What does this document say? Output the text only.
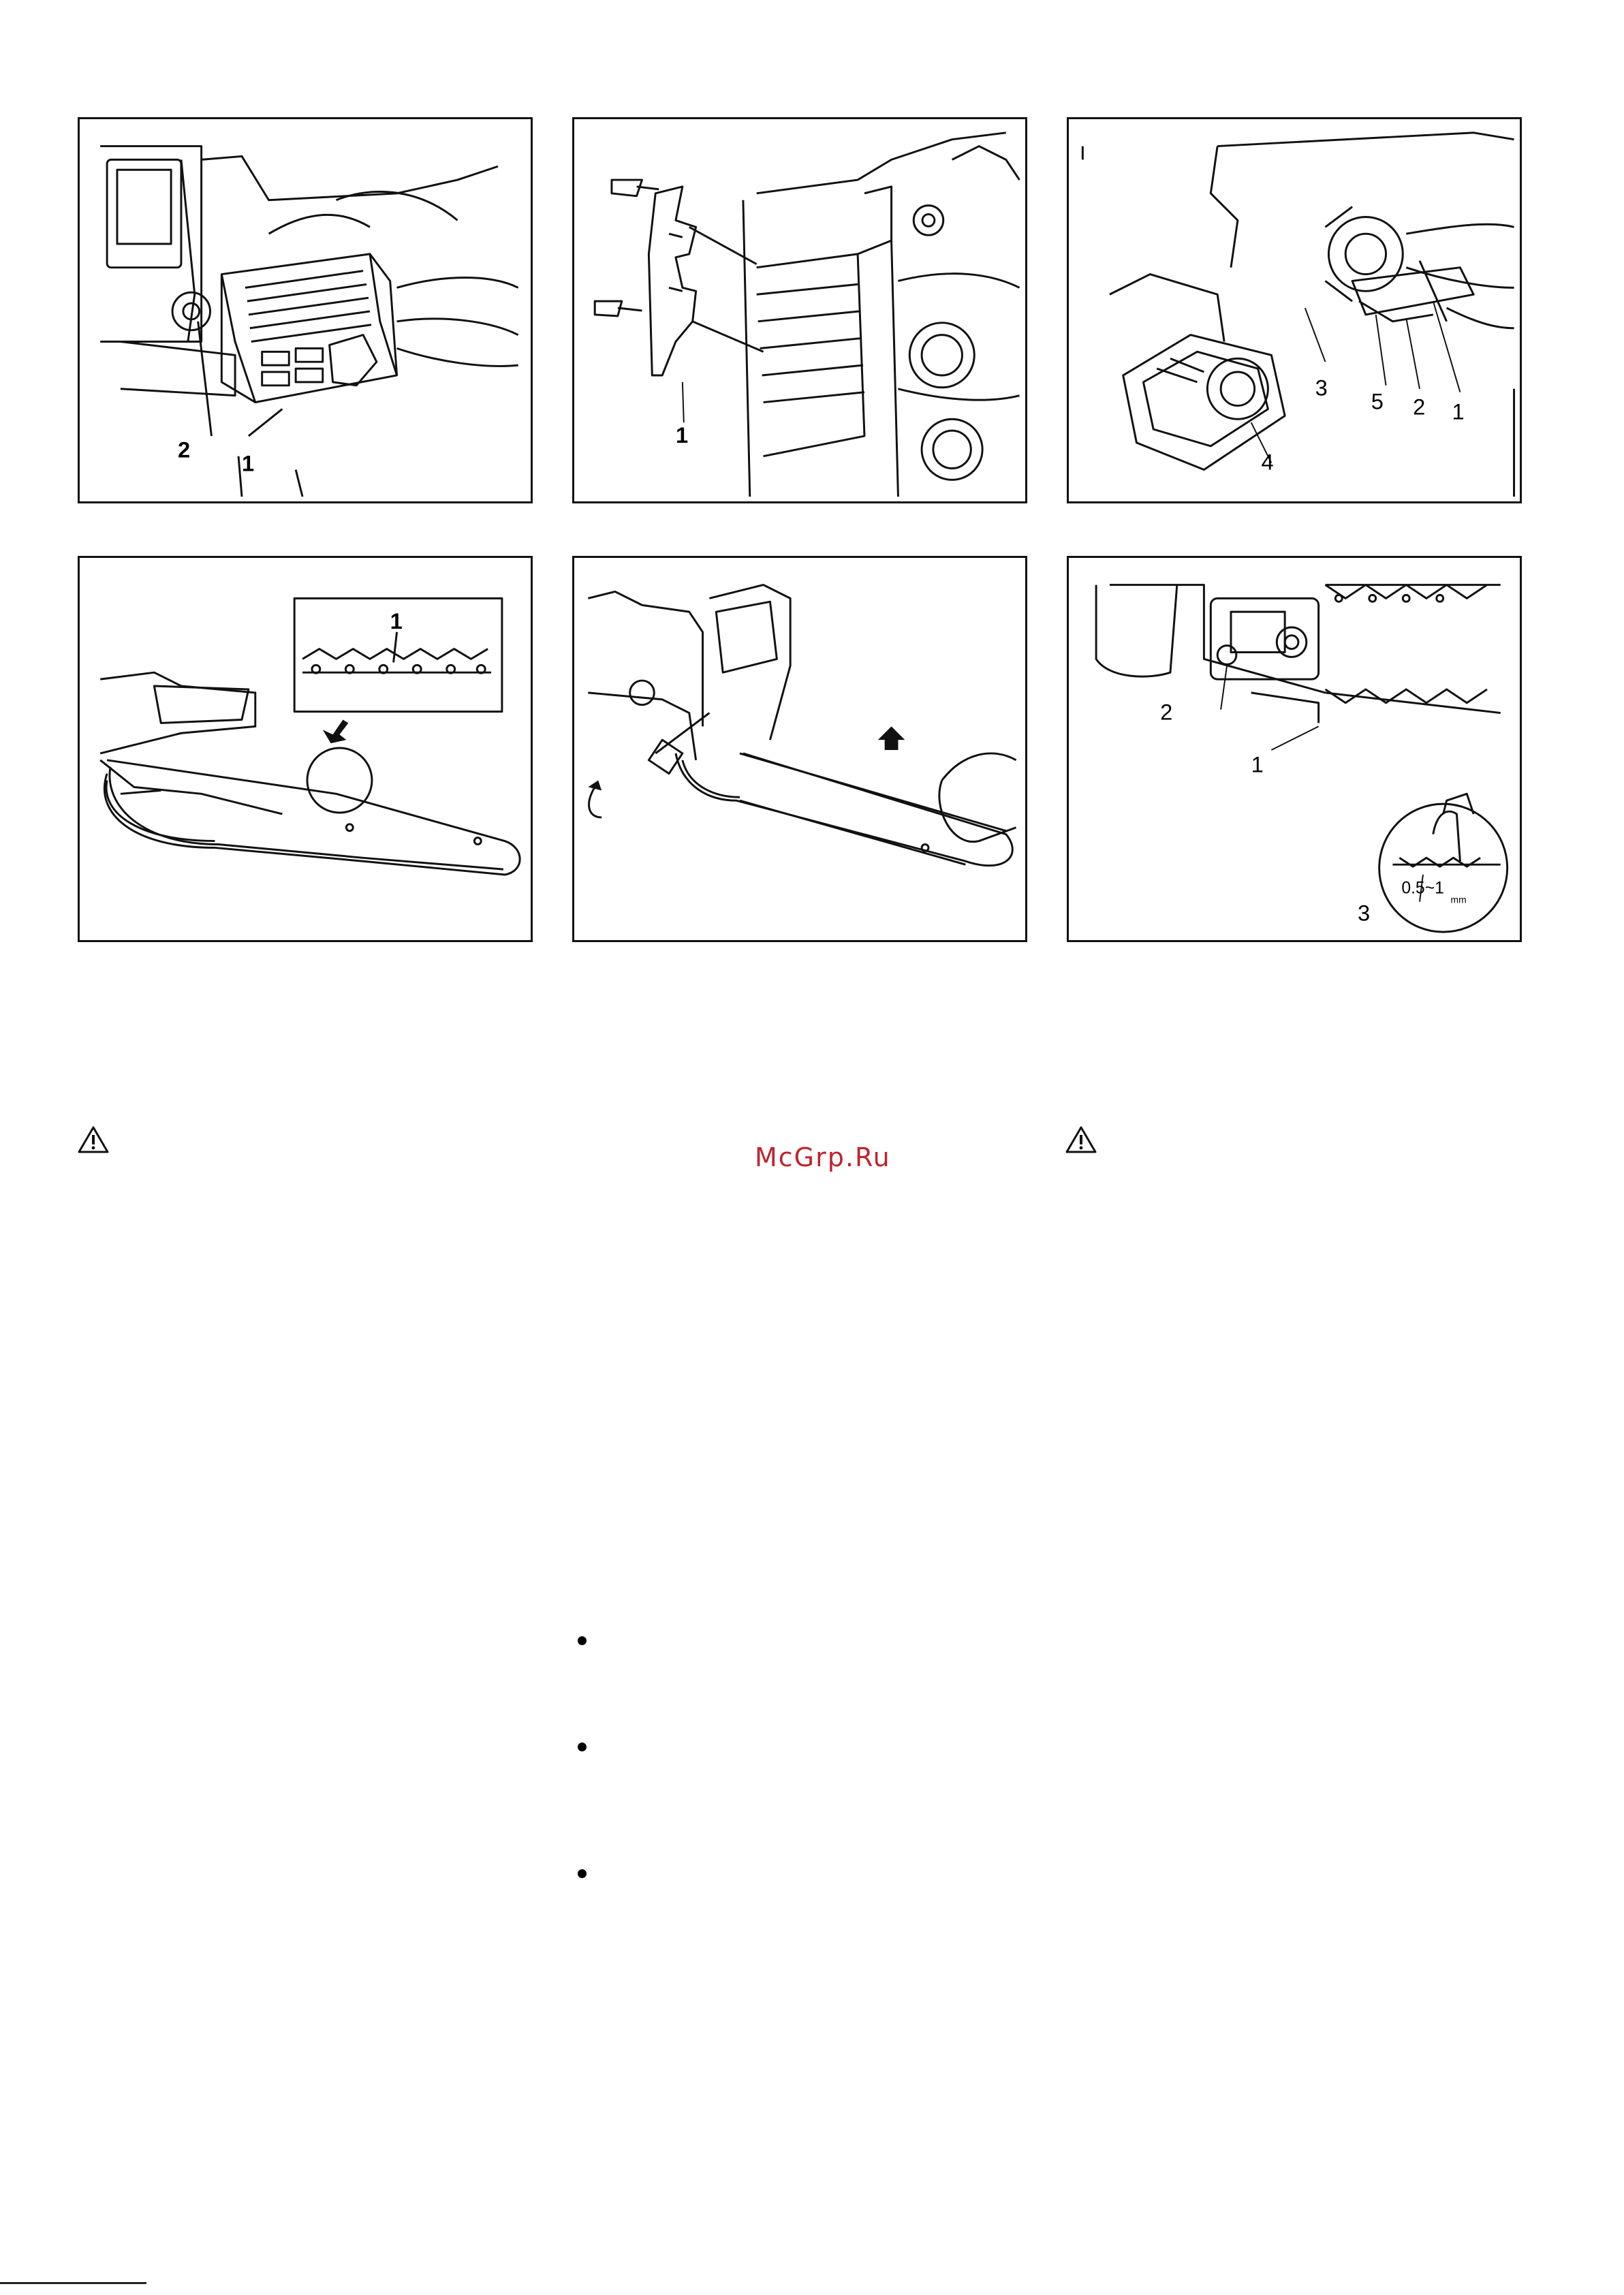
2
1
1
3
5 2 1
4
1
2
1
3
0.5~1
mm
McGrp.Ru
